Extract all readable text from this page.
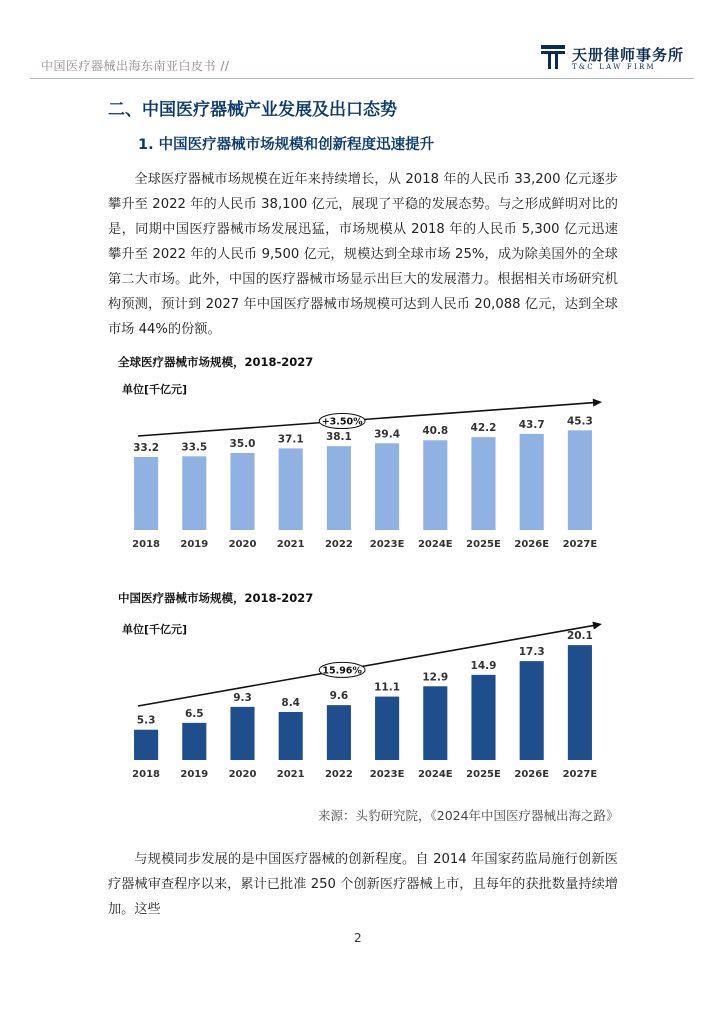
中国医疗器械出海东南亚白皮书 //
天册律师事务所
T&C LAW FIRM
二、中国医疗器械产业发展及出口态势
1. 中国医疗器械市场规模和创新程度迅速提升
全球医疗器械市场规模在近年来持续增长，从 2018 年的人民币 33,200 亿元逐步攀升至 2022 年的人民币 38,100 亿元，展现了平稳的发展态势。与之形成鲜明对比的是，同期中国医疗器械市场发展迅猛，市场规模从 2018 年的人民币 5,300 亿元迅速攀升至 2022 年的人民币 9,500 亿元，规模达到全球市场 25%，成为除美国外的全球第二大市场。此外，中国的医疗器械市场显示出巨大的发展潜力。根据相关市场研究机构预测，预计到 2027 年中国医疗器械市场规模可达到人民币 20,088 亿元，达到全球市场 44%的份额。
全球医疗器械市场规模，2018-2027
单位[千亿元]
33.2
2018
33.5
2019
35.0
2020
37.1
2021
38.1
2022
39.4
2023E
40.8
2024E
42.2
2025E
43.7
2026E
45.3
2027E
+3.50%
中国医疗器械市场规模，2018-2027
单位[千亿元]
5.3
2018
6.5
2019
9.3
2020
8.4
2021
9.6
2022
11.1
2023E
12.9
2024E
14.9
2025E
17.3
2026E
20.1
2027E
15.96%
来源：头豹研究院，《2024年中国医疗器械出海之路》
与规模同步发展的是中国医疗器械的创新程度。自 2014 年国家药监局施行创新医疗器械审查程序以来，累计已批准 250 个创新医疗器械上市，且每年的获批数量持续增加。这些
2
